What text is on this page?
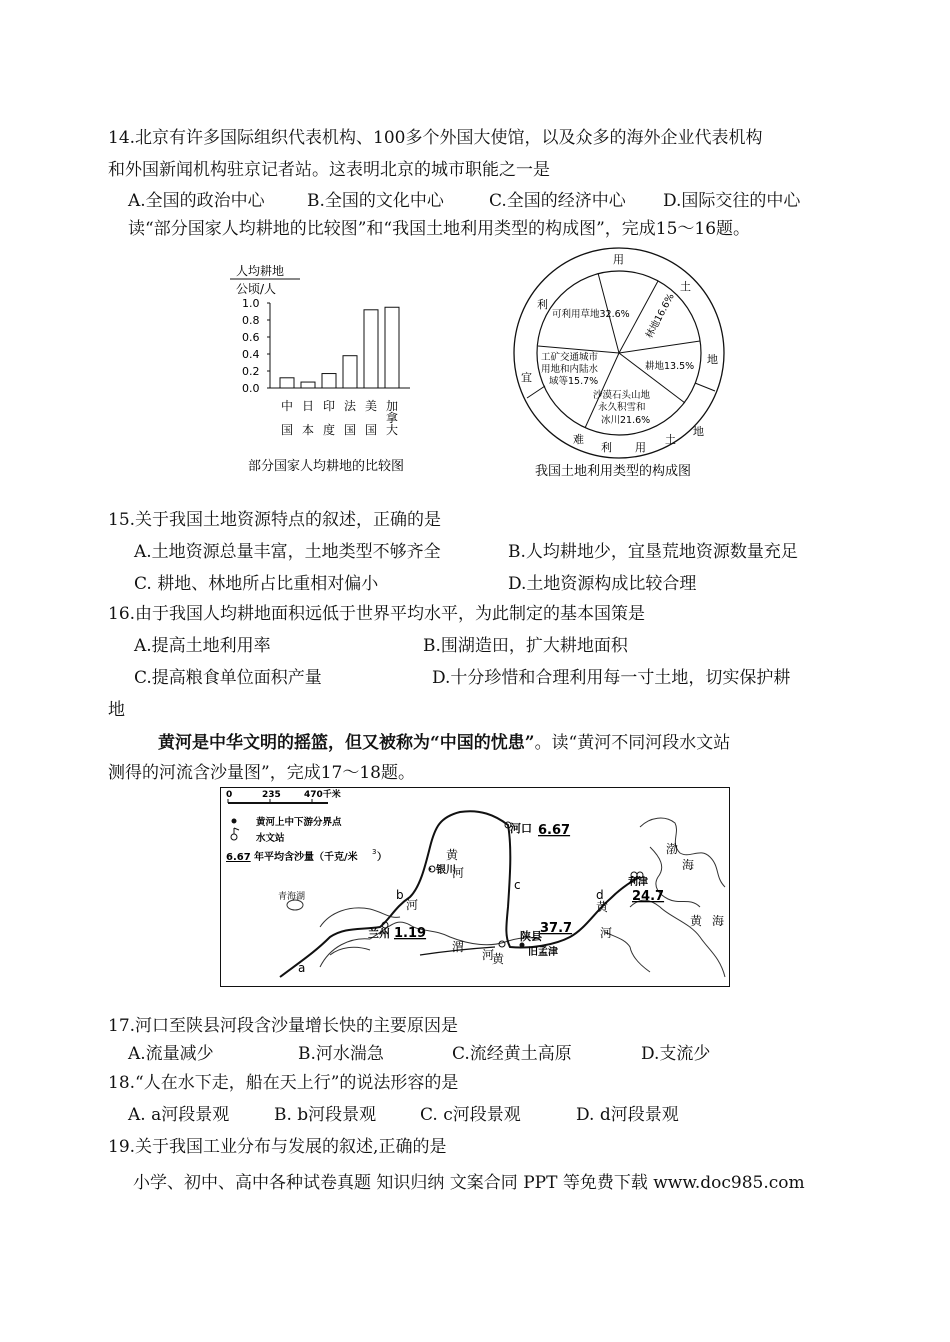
14.北京有许多国际组织代表机构、100多个外国大使馆，以及众多的海外企业代表机构
和外国新闻机构驻京记者站。这表明北京的城市职能之一是
A.全国的政治中心 B.全国的文化中心	C.全国的经济中心 D.国际交往的中心
读“部分国家人均耕地的比较图”和“我国土地利用类型的构成图”，完成15～16题。
人均耕地
公顷/人
1.0
0.8
0.6
0.4
0.2
0.0
中
国
日
本
印
度
法
国
美
国
加
拿
大
部分国家人均耕地的比较图
用
土
地
利
宜
难
利 用
土
地
可利用草地32.6% 林地16.6%
耕地13.5%
沙漠石头山地
永久积雪和
冰川21.6%
工矿交通城市
用地和内陆水
域等15.7%
我国土地利用类型的构成图
15.关于我国土地资源特点的叙述，正确的是
A.土地资源总量丰富，土地类型不够齐全	B.人均耕地少，宜垦荒地资源数量充足
C. 耕地、林地所占比重相对偏小	D.土地资源构成比较合理
16.由于我国人均耕地面积远低于世界平均水平，为此制定的基本国策是
A.提高土地利用率	B.围湖造田，扩大耕地面积
C.提高粮食单位面积产量	D.十分珍惜和合理利用每一寸土地，切实保护耕
地
黄河是中华文明的摇篮，但又被称为“中国的忧患”。读“黄河不同河段水文站
测得的河流含沙量图”，完成17～18题。
0	235	470千米
黄河上中下游分界点
水文站
6.67 年平均含沙量（千克/米 3 ）
河口 6.67
银川
兰州 1.19	陕县
37.7
旧孟津
利津
24.7
青海湖
渤
海
黄 海
渭
河
黄
河
河
黄
黄
河
a
b
c
d
17.河口至陕县河段含沙量增长快的主要原因是
A.流量减少	B.河水湍急	C.流经黄土高原	D.支流少
18.“人在水下走，船在天上行”的说法形容的是
A. a河段景观	B. b河段景观	C. c河段景观	D. d河段景观
19.关于我国工业分布与发展的叙述,正确的是
小学、初中、高中各种试卷真题 知识归纳 文案合同 PPT 等免费下载 www.doc985.com
